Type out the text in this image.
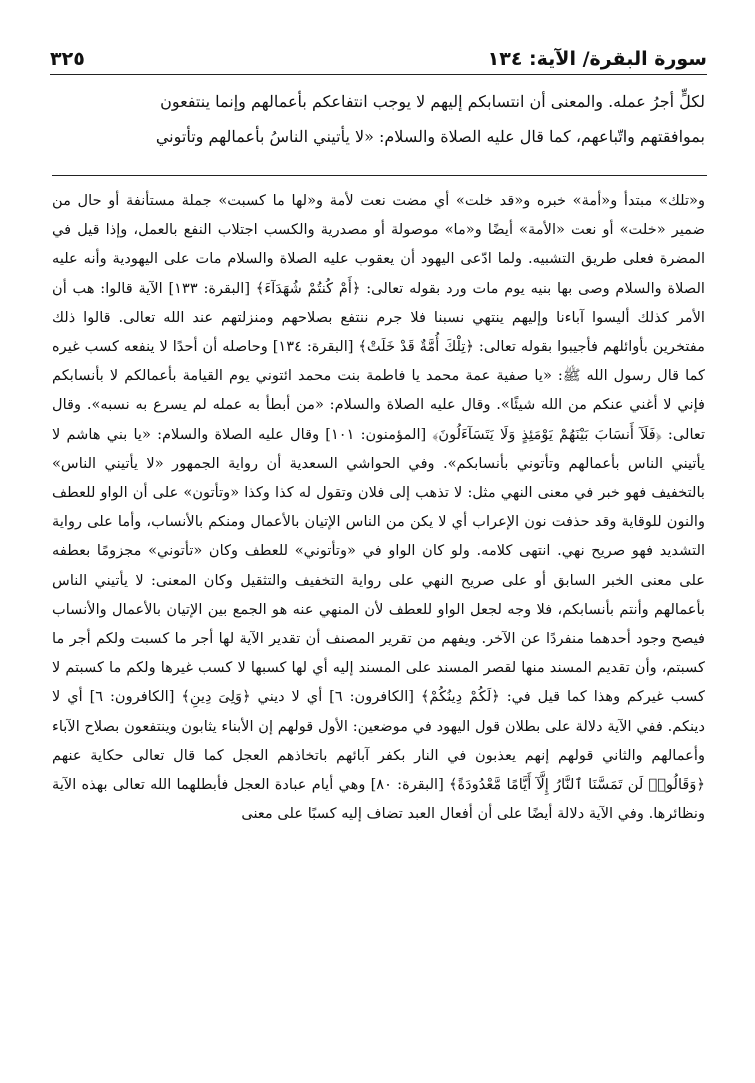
سورة البقرة/ الآية: ١٣٤
٣٢٥

لكلٍّ أجرُ عمله. والمعنى أن انتسابكم إليهم لا يوجب انتفاعكم بأعمالهم وإنما ينتفعون

بموافقتهم واتّباعهم، كما قال عليه الصلاة والسلام: «لا يأتيني الناسُ بأعمالهم وتأتوني

و«تلك» مبتدأ و«أمة» خبره و«قد خلت» أي مضت نعت لأمة و«لها ما كسبت» جملة مستأنفة أو حال من ضمير «خلت» أو نعت «الأمة» أيضًا و«ما» موصولة أو مصدرية والكسب اجتلاب النفع بالعمل، وإذا قيل في المضرة فعلى طريق التشبيه. ولما ادّعى اليهود أن يعقوب عليه الصلاة والسلام مات على اليهودية وأنه عليه الصلاة والسلام وصى بها بنيه يوم مات ورد بقوله تعالى: ﴿أَمْ كُنتُمْ شُهَدَآءَ﴾ [البقرة: ١٣٣] الآية قالوا: هب أن الأمر كذلك أليسوا آباءنا وإليهم ينتهي نسبنا فلا جرم ننتفع بصلاحهم ومنزلتهم عند الله تعالى. قالوا ذلك مفتخرين بأوائلهم فأجيبوا بقوله تعالى: ﴿تِلْكَ أُمَّةٌ قَدْ خَلَتْ﴾ [البقرة: ١٣٤] وحاصله أن أحدًا لا ينفعه كسب غيره كما قال رسول الله ﷺ: «يا صفية عمة محمد يا فاطمة بنت محمد ائتوني يوم القيامة بأعمالكم لا بأنسابكم فإني لا أغني عنكم من الله شيئًا». وقال عليه الصلاة والسلام: «من أبطأ به عمله لم يسرع به نسبه». وقال تعالى: ﴿فَلَآ أَنسَابَ بَيْنَهُمْ يَوْمَئِذٍ وَلَا يَتَسَآءَلُونَ﴾ [المؤمنون: ١٠١] وقال عليه الصلاة والسلام: «يا بني هاشم لا يأتيني الناس بأعمالهم وتأتوني بأنسابكم». وفي الحواشي السعدية أن رواية الجمهور «لا يأتيني الناس» بالتخفيف فهو خبر في معنى النهي مثل: لا تذهب إلى فلان وتقول له كذا وكذا «وتأتون» على أن الواو للعطف والنون للوقاية وقد حذفت نون الإعراب أي لا يكن من الناس الإتيان بالأعمال ومنكم بالأنساب، وأما على رواية التشديد فهو صريح نهي. انتهى كلامه. ولو كان الواو في «وتأتوني» للعطف وكان «تأتوني» مجزومًا بعطفه على معنى الخبر السابق أو على صريح النهي على رواية التخفيف والتثقيل وكان المعنى: لا يأتيني الناس بأعمالهم وأنتم بأنسابكم، فلا وجه لجعل الواو للعطف لأن المنهي عنه هو الجمع بين الإتيان بالأعمال والأنساب فيصح وجود أحدهما منفردًا عن الآخر. ويفهم من تقرير المصنف أن تقدير الآية لها أجر ما كسبت ولكم أجر ما كسبتم، وأن تقديم المسند منها لقصر المسند على المسند إليه أي لها كسبها لا كسب غيرها ولكم ما كسبتم لا كسب غيركم وهذا كما قيل في: ﴿لَكُمْ دِينُكُمْ﴾ [الكافرون: ٦] أي لا ديني ﴿وَلِىَ دِينِ﴾ [الكافرون: ٦] أي لا دينكم. ففي الآية دلالة على بطلان قول اليهود في موضعين: الأول قولهم إن الأبناء يثابون وينتفعون بصلاح الآباء وأعمالهم والثاني قولهم إنهم يعذبون في النار بكفر آبائهم باتخاذهم العجل كما قال تعالى حكاية عنهم ﴿وَقَالُوا۟ لَن تَمَسَّنَا ٱلنَّارُ إِلَّآ أَيَّامًا مَّعْدُودَةً﴾ [البقرة: ٨٠] وهي أيام عبادة العجل فأبطلهما الله تعالى بهذه الآية ونظائرها. وفي الآية دلالة أيضًا على أن أفعال العبد تضاف إليه كسبًا على معنى
